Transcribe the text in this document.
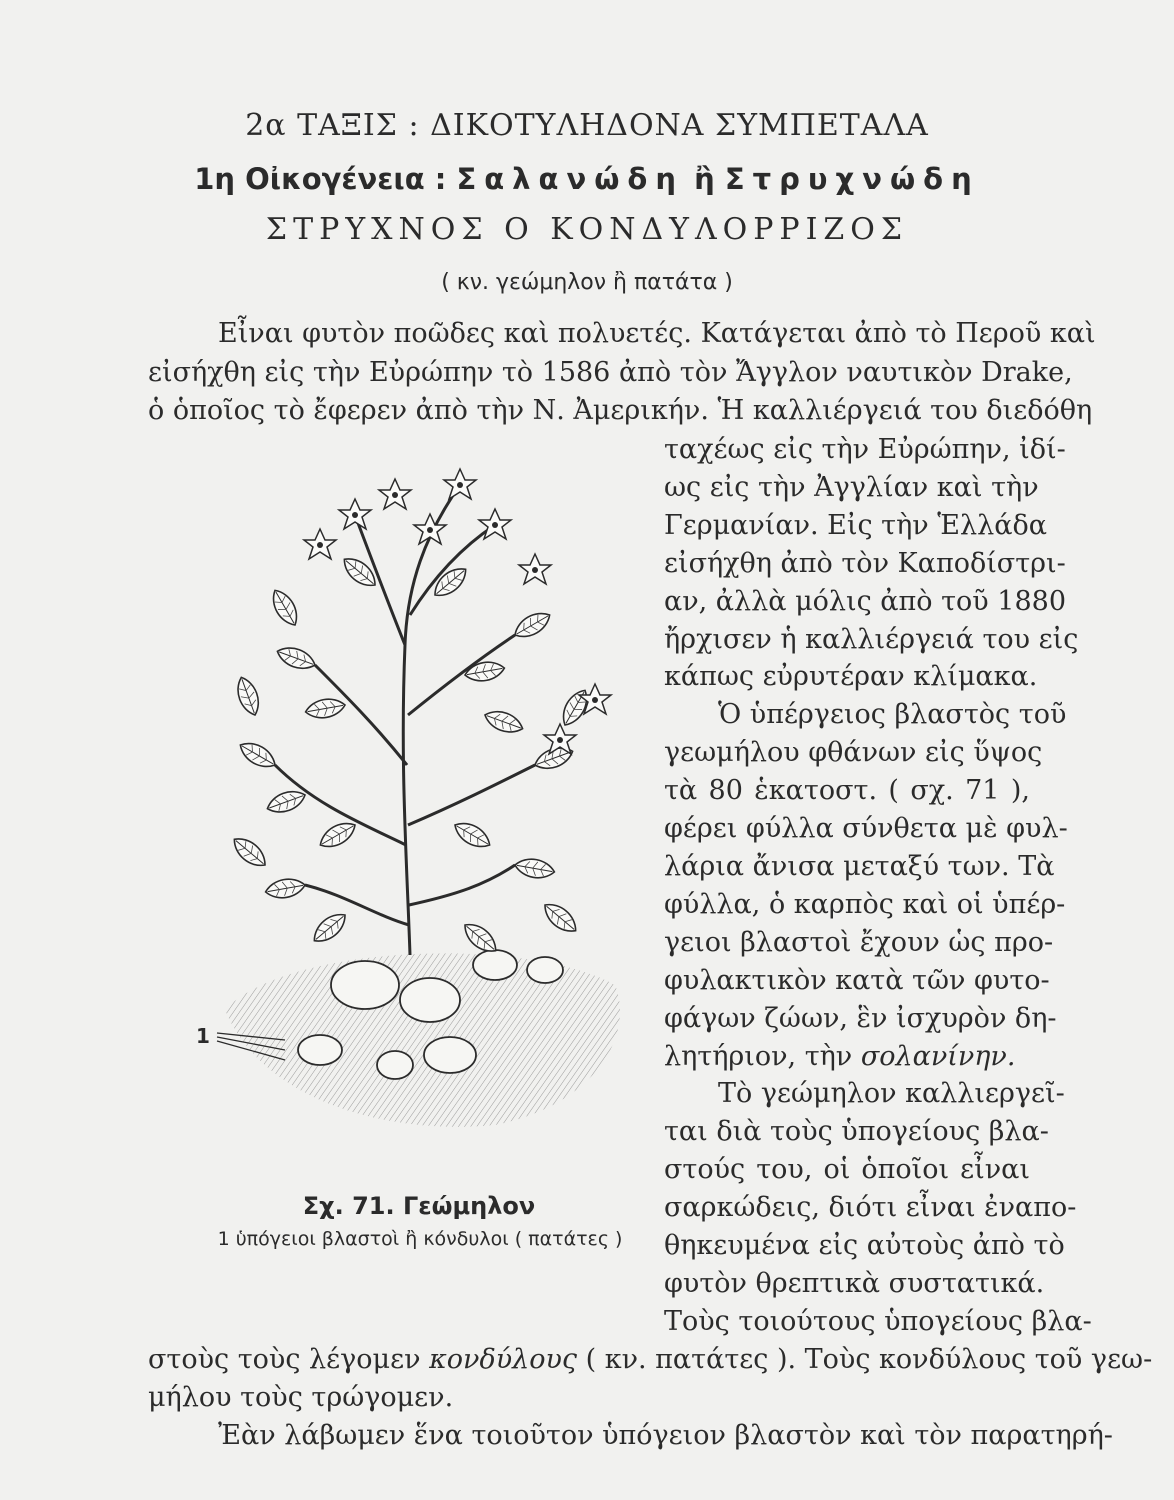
2α ΤΑΞΙΣ : ΔΙΚΟΤΥΛΗΔΟΝΑ ΣΥΜΠΕΤΑΛΑ
1η Οἰκογένεια : Σαλανώδη ἢ Στρυχνώδη
ΣΤΡΥΧΝΟΣ Ο ΚΟΝΔΥΛΟΡΡΙΖΟΣ
( κν. γεώμηλον ἢ πατάτα )
Εἶναι φυτὸν ποῶδες καὶ πολυετές. Κατάγεται ἀπὸ τὸ Περοῦ καὶ
εἰσήχθη εἰς τὴν Εὐρώπην τὸ 1586 ἀπὸ τὸν Ἄγγλον ναυτικὸν Drake,
ὁ ὁποῖος τὸ ἔφερεν ἀπὸ τὴν Ν. Ἀμερικήν. Ἡ καλλιέργειά του διεδόθη
ταχέως εἰς τὴν Εὐρώπην, ἰδί-
ως εἰς τὴν Ἀγγλίαν καὶ τὴν
Γερμανίαν. Εἰς τὴν Ἑλλάδα
εἰσήχθη ἀπὸ τὸν Καποδίστρι-
αν, ἀλλὰ μόλις ἀπὸ τοῦ 1880
ἤρχισεν ἡ καλλιέργειά του εἰς
κάπως εὐρυτέραν κλίμακα.
Ὁ ὑπέργειος βλαστὸς τοῦ
γεωμήλου φθάνων εἰς ὕψος
τὰ 80 ἑκατοστ. ( σχ. 71 ),
φέρει φύλλα σύνθετα μὲ φυλ-
λάρια ἄνισα μεταξύ των. Τὰ
φύλλα, ὁ καρπὸς καὶ οἱ ὑπέρ-
γειοι βλαστοὶ ἔχουν ὡς προ-
φυλακτικὸν κατὰ τῶν φυτο-
φάγων ζώων, ἓν ἰσχυρὸν δη-
λητήριον, τὴν σολανίνην.
Τὸ γεώμηλον καλλιεργεῖ-
ται διὰ τοὺς ὑπογείους βλα-
στούς του, οἱ ὁποῖοι εἶναι
σαρκώδεις, διότι εἶναι ἐναπο-
θηκευμένα εἰς αὐτοὺς ἀπὸ τὸ
φυτὸν θρεπτικὰ συστατικά.
Τοὺς τοιούτους ὑπογείους βλα-
στοὺς τοὺς λέγομεν κονδύλους ( κν. πατάτες ). Τοὺς κονδύλους τοῦ γεω-
μήλου τοὺς τρώγομεν.
Ἐὰν λάβωμεν ἕνα τοιοῦτον ὑπόγειον βλαστὸν καὶ τὸν παρατηρή-
1
Σχ. 71. Γεώμηλον
1 ὑπόγειοι βλαστοὶ ἢ κόνδυλοι ( πατάτες )
